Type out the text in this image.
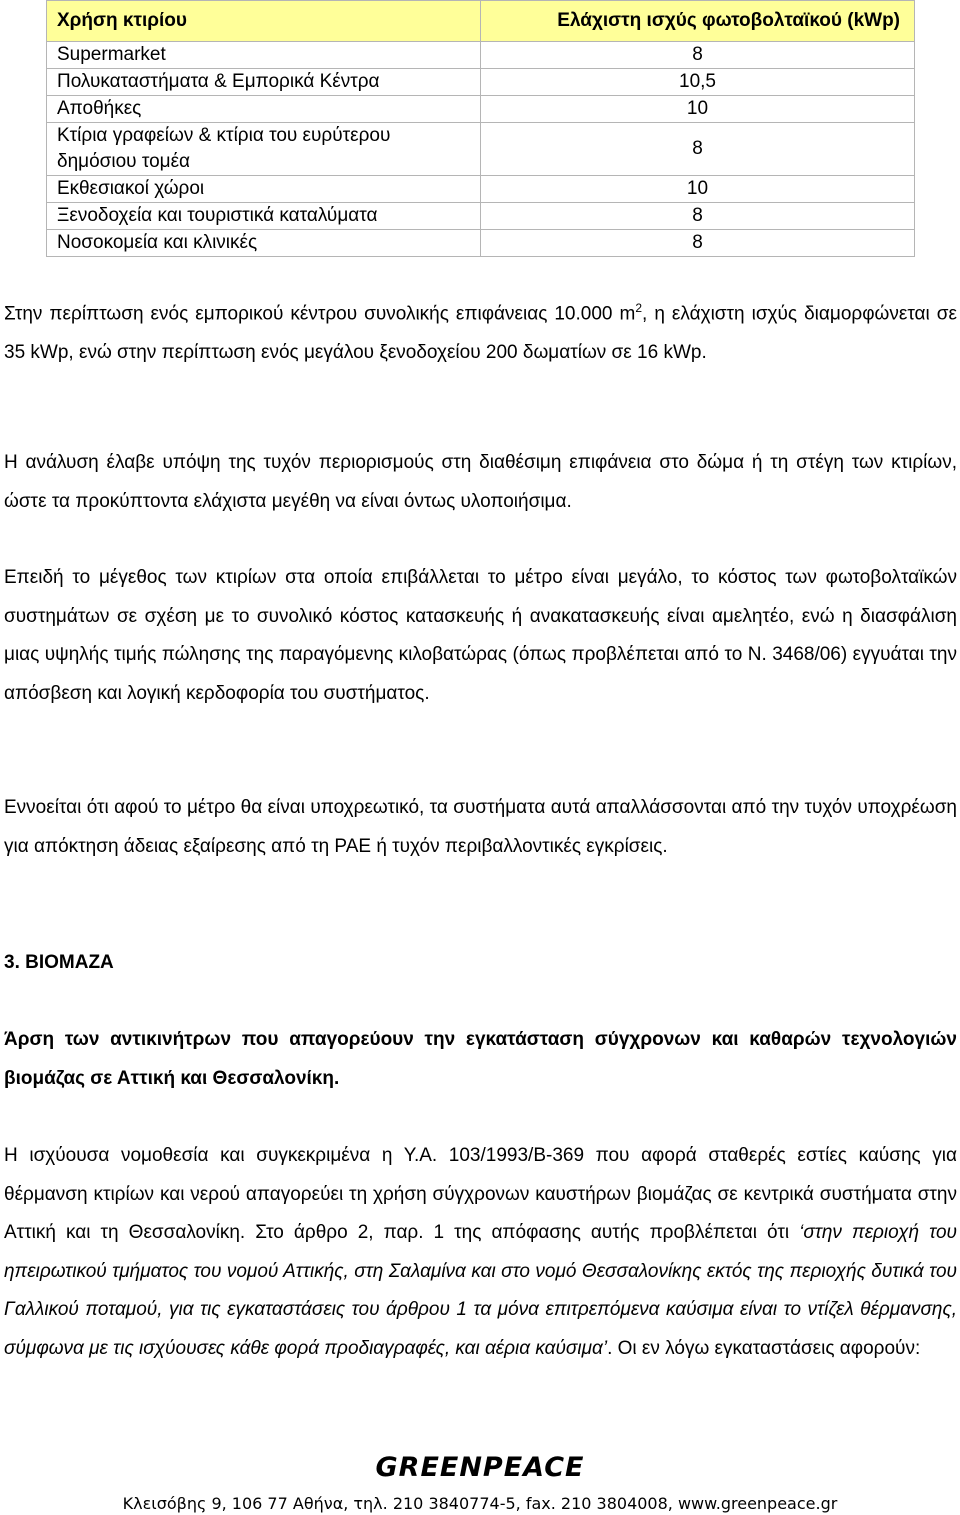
Χρήση κτιρίου	Ελάχιστη ισχύς φωτοβολταϊκού (kWp)
Supermarket	8
Πολυκαταστήματα & Εμπορικά Κέντρα	10,5
Αποθήκες	10
Κτίρια γραφείων & κτίρια του ευρύτερου δημόσιου τομέα	8
Εκθεσιακοί χώροι	10
Ξενοδοχεία και τουριστικά καταλύματα	8
Νοσοκομεία και κλινικές	8

Στην περίπτωση ενός εμπορικού κέντρου συνολικής επιφάνειας 10.000 $m^2$, η ελάχιστη ισχύς διαμορφώνεται σε 35 kWp, ενώ στην περίπτωση ενός μεγάλου ξενοδοχείου 200 δωματίων σε 16 kWp.

Η ανάλυση έλαβε υπόψη της τυχόν περιορισμούς στη διαθέσιμη επιφάνεια στο δώμα ή τη στέγη των κτιρίων, ώστε τα προκύπτοντα ελάχιστα μεγέθη να είναι όντως υλοποιήσιμα.

Επειδή το μέγεθος των κτιρίων στα οποία επιβάλλεται το μέτρο είναι μεγάλο, το κόστος των φωτοβολταϊκών συστημάτων σε σχέση με το συνολικό κόστος κατασκευής ή ανακατασκευής είναι αμελητέο, ενώ η διασφάλιση μιας υψηλής τιμής πώλησης της παραγόμενης κιλοβατώρας (όπως προβλέπεται από το Ν. 3468/06) εγγυάται την απόσβεση και λογική κερδοφορία του συστήματος.

Εννοείται ότι αφού το μέτρο θα είναι υποχρεωτικό, τα συστήματα αυτά απαλλάσσονται από την τυχόν υποχρέωση για απόκτηση άδειας εξαίρεσης από τη ΡΑΕ ή τυχόν περιβαλλοντικές εγκρίσεις.

3. ΒΙΟΜΑΖΑ

Άρση των αντικινήτρων που απαγορεύουν την εγκατάσταση σύγχρονων και καθαρών τεχνολογιών βιομάζας σε Αττική και Θεσσαλονίκη.

Η ισχύουσα νομοθεσία και συγκεκριμένα η Υ.Α. 103/1993/Β-369 που αφορά σταθερές εστίες καύσης για θέρμανση κτιρίων και νερού απαγορεύει τη χρήση σύγχρονων καυστήρων βιομάζας σε κεντρικά συστήματα στην Αττική και τη Θεσσαλονίκη. Στο άρθρο 2, παρ. 1 της απόφασης αυτής προβλέπεται ότι ‘στην περιοχή του ηπειρωτικού τμήματος του νομού Αττικής, στη Σαλαμίνα και στο νομό Θεσσαλονίκης εκτός της περιοχής δυτικά του Γαλλικού ποταμού, για τις εγκαταστάσεις του άρθρου 1 τα μόνα επιτρεπόμενα καύσιμα είναι το ντίζελ θέρμανσης, σύμφωνα με τις ισχύουσες κάθε φορά προδιαγραφές, και αέρια καύσιμα’. Οι εν λόγω εγκαταστάσεις αφορούν:

GREENPEACE
Κλεισόβης 9, 106 77 Αθήνα, τηλ. 210 3840774-5, fax. 210 3804008, www.greenpeace.gr
